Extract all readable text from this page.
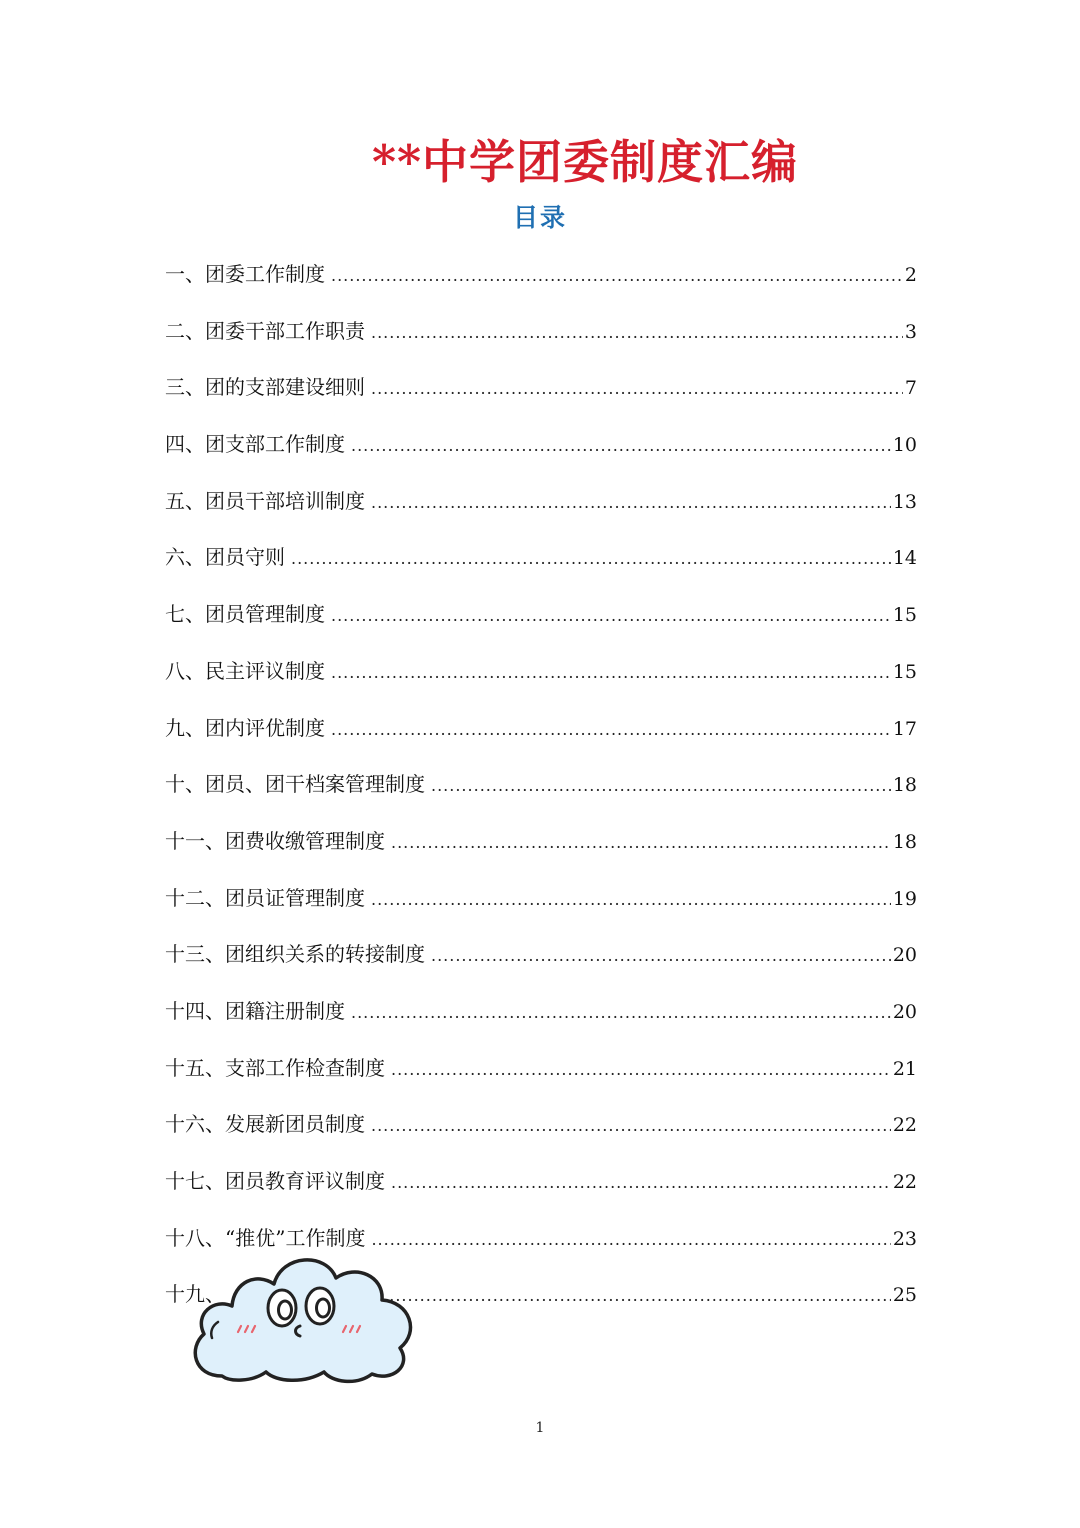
**中学团委制度汇编
目录
一、团委工作制度 .....	2
二、团委干部工作职责 .....	3
三、团的支部建设细则 .....	7
四、团支部工作制度 .....	10
五、团员干部培训制度 .....	13
六、团员守则 .....	14
七、团员管理制度 .....	15
八、民主评议制度 .....	15
九、团内评优制度 .....	17
十、团员、团干档案管理制度 .....	18
十一、团费收缴管理制度 .....	18
十二、团员证管理制度 .....	19
十三、团组织关系的转接制度 .....	20
十四、团籍注册制度 .....	20
十五、支部工作检查制度 .....	21
十六、发展新团员制度 .....	22
十七、团员教育评议制度 .....	22
十八、“推优”工作制度 .....	23
十九、 .....	25
1
